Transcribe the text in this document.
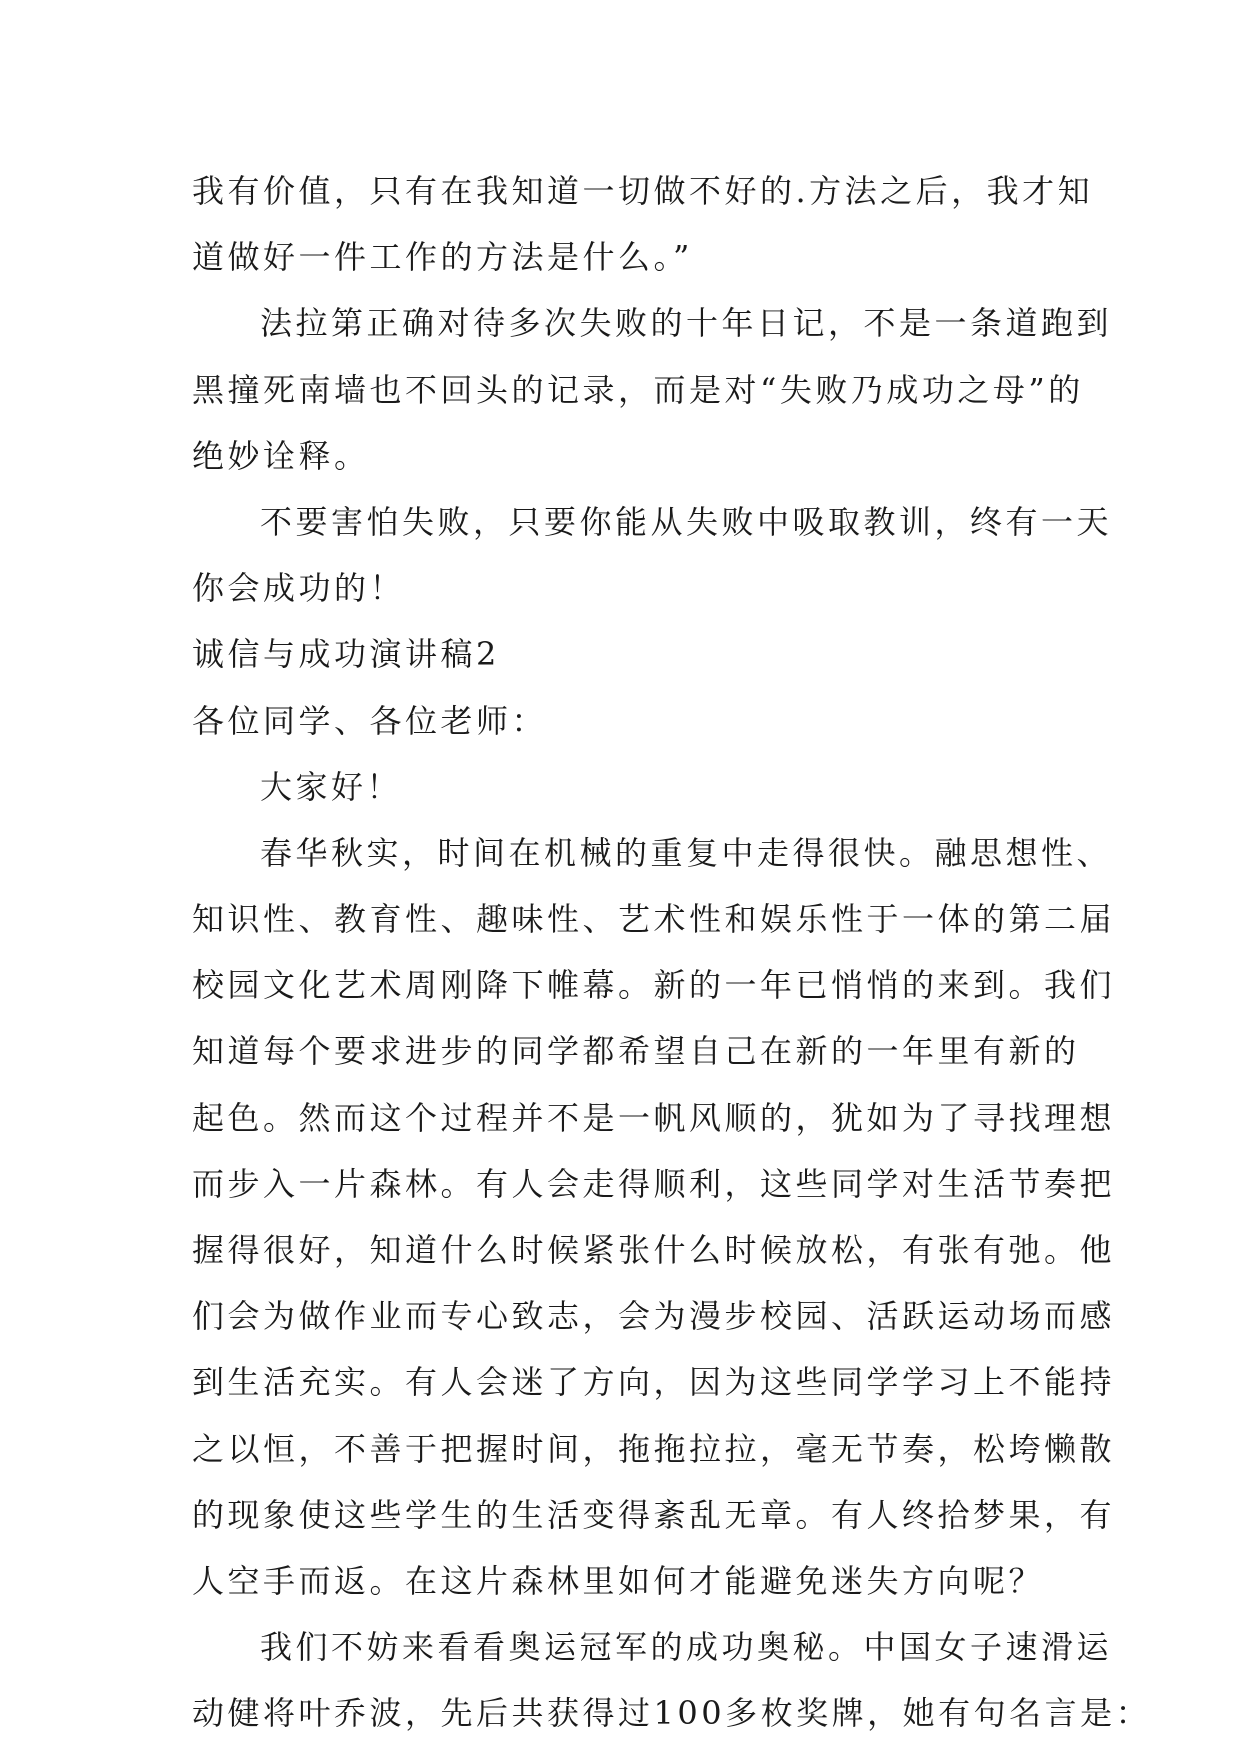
我有价值，只有在我知道一切做不好的.方法之后，我才知
道做好一件工作的方法是什么。”
法拉第正确对待多次失败的十年日记，不是一条道跑到
黑撞死南墙也不回头的记录，而是对“失败乃成功之母”的
绝妙诠释。
不要害怕失败，只要你能从失败中吸取教训，终有一天
你会成功的！
诚信与成功演讲稿2
各位同学、各位老师：
大家好！
春华秋实，时间在机械的重复中走得很快。融思想性、
知识性、教育性、趣味性、艺术性和娱乐性于一体的第二届
校园文化艺术周刚降下帷幕。新的一年已悄悄的来到。我们
知道每个要求进步的同学都希望自己在新的一年里有新的
起色。然而这个过程并不是一帆风顺的，犹如为了寻找理想
而步入一片森林。有人会走得顺利，这些同学对生活节奏把
握得很好，知道什么时候紧张什么时候放松，有张有弛。他
们会为做作业而专心致志，会为漫步校园、活跃运动场而感
到生活充实。有人会迷了方向，因为这些同学学习上不能持
之以恒，不善于把握时间，拖拖拉拉，毫无节奏，松垮懒散
的现象使这些学生的生活变得紊乱无章。有人终拾梦果，有
人空手而返。在这片森林里如何才能避免迷失方向呢？
我们不妨来看看奥运冠军的成功奥秘。中国女子速滑运
动健将叶乔波，先后共获得过100多枚奖牌，她有句名言是：
